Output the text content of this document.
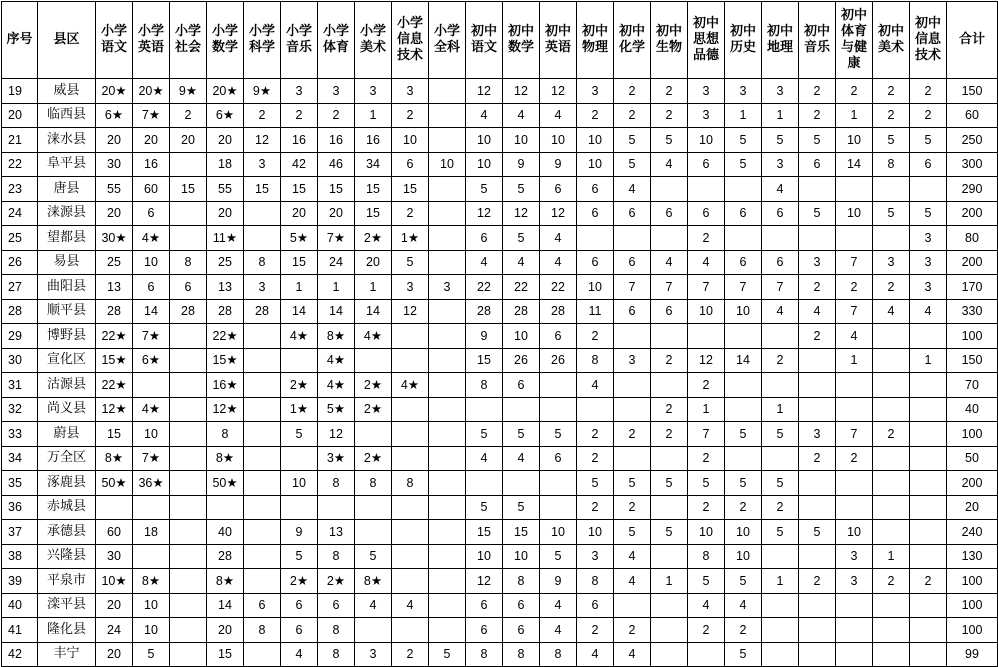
序号	县区	小学语文	小学英语	小学社会	小学数学	小学科学	小学音乐	小学体育	小学美术	小学信息技术	小学全科	初中语文	初中数学	初中英语	初中物理	初中化学	初中生物	初中思想品德	初中历史	初中地理	初中音乐	初中体育与健康	初中美术	初中信息技术	合计
19	威县	20★	20★	9★	20★	9★	3	3	3	3		12	12	12	3	2	2	3	3	3	2	2	2	2	150
20	临西县	6★	7★	2	6★	2	2	2	1	2		4	4	4	2	2	2	3	1	1	2	1	2	2	60
21	涞水县	20	20	20	20	12	16	16	16	10		10	10	10	10	5	5	10	5	5	5	10	5	5	250
22	阜平县	30	16		18	3	42	46	34	6	10	10	9	9	10	5	4	6	5	3	6	14	8	6	300
23	唐县	55	60	15	55	15	15	15	15	15		5	5	6	6	4				4					290
24	涞源县	20	6		20		20	20	15	2		12	12	12	6	6	6	6	6	6	5	10	5	5	200
25	望都县	30★	4★		11★		5★	7★	2★	1★		6	5	4				2						3	80
26	易县	25	10	8	25	8	15	24	20	5		4	4	4	6	6	4	4	6	6	3	7	3	3	200
27	曲阳县	13	6	6	13	3	1	1	1	3	3	22	22	22	10	7	7	7	7	7	2	2	2	3	170
28	顺平县	28	14	28	28	28	14	14	14	12		28	28	28	11	6	6	10	10	4	4	7	4	4	330
29	博野县	22★	7★		22★		4★	8★	4★			9	10	6	2						2	4			100
30	宣化区	15★	6★		15★			4★				15	26	26	8	3	2	12	14	2		1		1	150
31	沽源县	22★			16★		2★	4★	2★	4★		8	6		4			2							70
32	尚义县	12★	4★		12★		1★	5★	2★								2	1		1					40
33	蔚县	15	10		8		5	12				5	5	5	2	2	2	7	5	5	3	7	2		100
34	万全区	8★	7★		8★			3★	2★			4	4	6	2			2			2	2			50
35	涿鹿县	50★	36★		50★		10	8	8	8					5	5	5	5	5	5					200
36	赤城县											5	5		2	2		2	2	2					20
37	承德县	60	18		40		9	13				15	15	10	10	5	5	10	10	5	5	10			240
38	兴隆县	30			28		5	8	5			10	10	5	3	4		8	10			3	1		130
39	平泉市	10★	8★		8★		2★	2★	8★			12	8	9	8	4	1	5	5	1	2	3	2	2	100
40	滦平县	20	10		14	6	6	6	4	4		6	6	4	6			4	4						100
41	隆化县	24	10		20	8	6	8				6	6	4	2	2		2	2						100
42	丰宁	20	5		15		4	8	3	2	5	8	8	8	4	4			5						99
